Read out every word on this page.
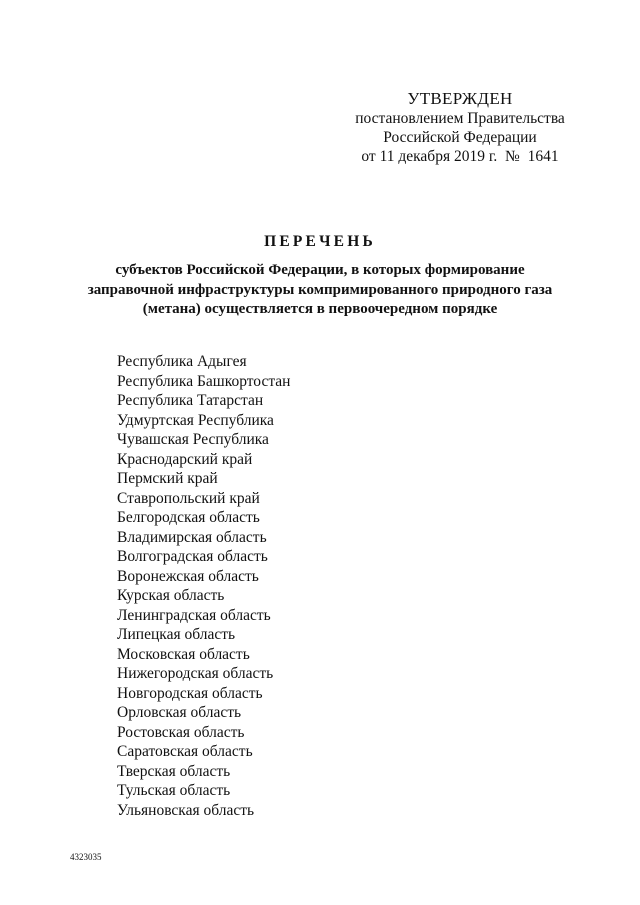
УТВЕРЖДЕН
постановлением Правительства
Российской Федерации
от 11 декабря 2019 г.  №  1641
ПЕРЕЧЕНЬ
субъектов Российской Федерации, в которых формирование
заправочной инфраструктуры компримированного природного газа
(метана) осуществляется в первоочередном порядке
Республика Адыгея
Республика Башкортостан
Республика Татарстан
Удмуртская Республика
Чувашская Республика
Краснодарский край
Пермский край
Ставропольский край
Белгородская область
Владимирская область
Волгоградская область
Воронежская область
Курская область
Ленинградская область
Липецкая область
Московская область
Нижегородская область
Новгородская область
Орловская область
Ростовская область
Саратовская область
Тверская область
Тульская область
Ульяновская область
4323035
